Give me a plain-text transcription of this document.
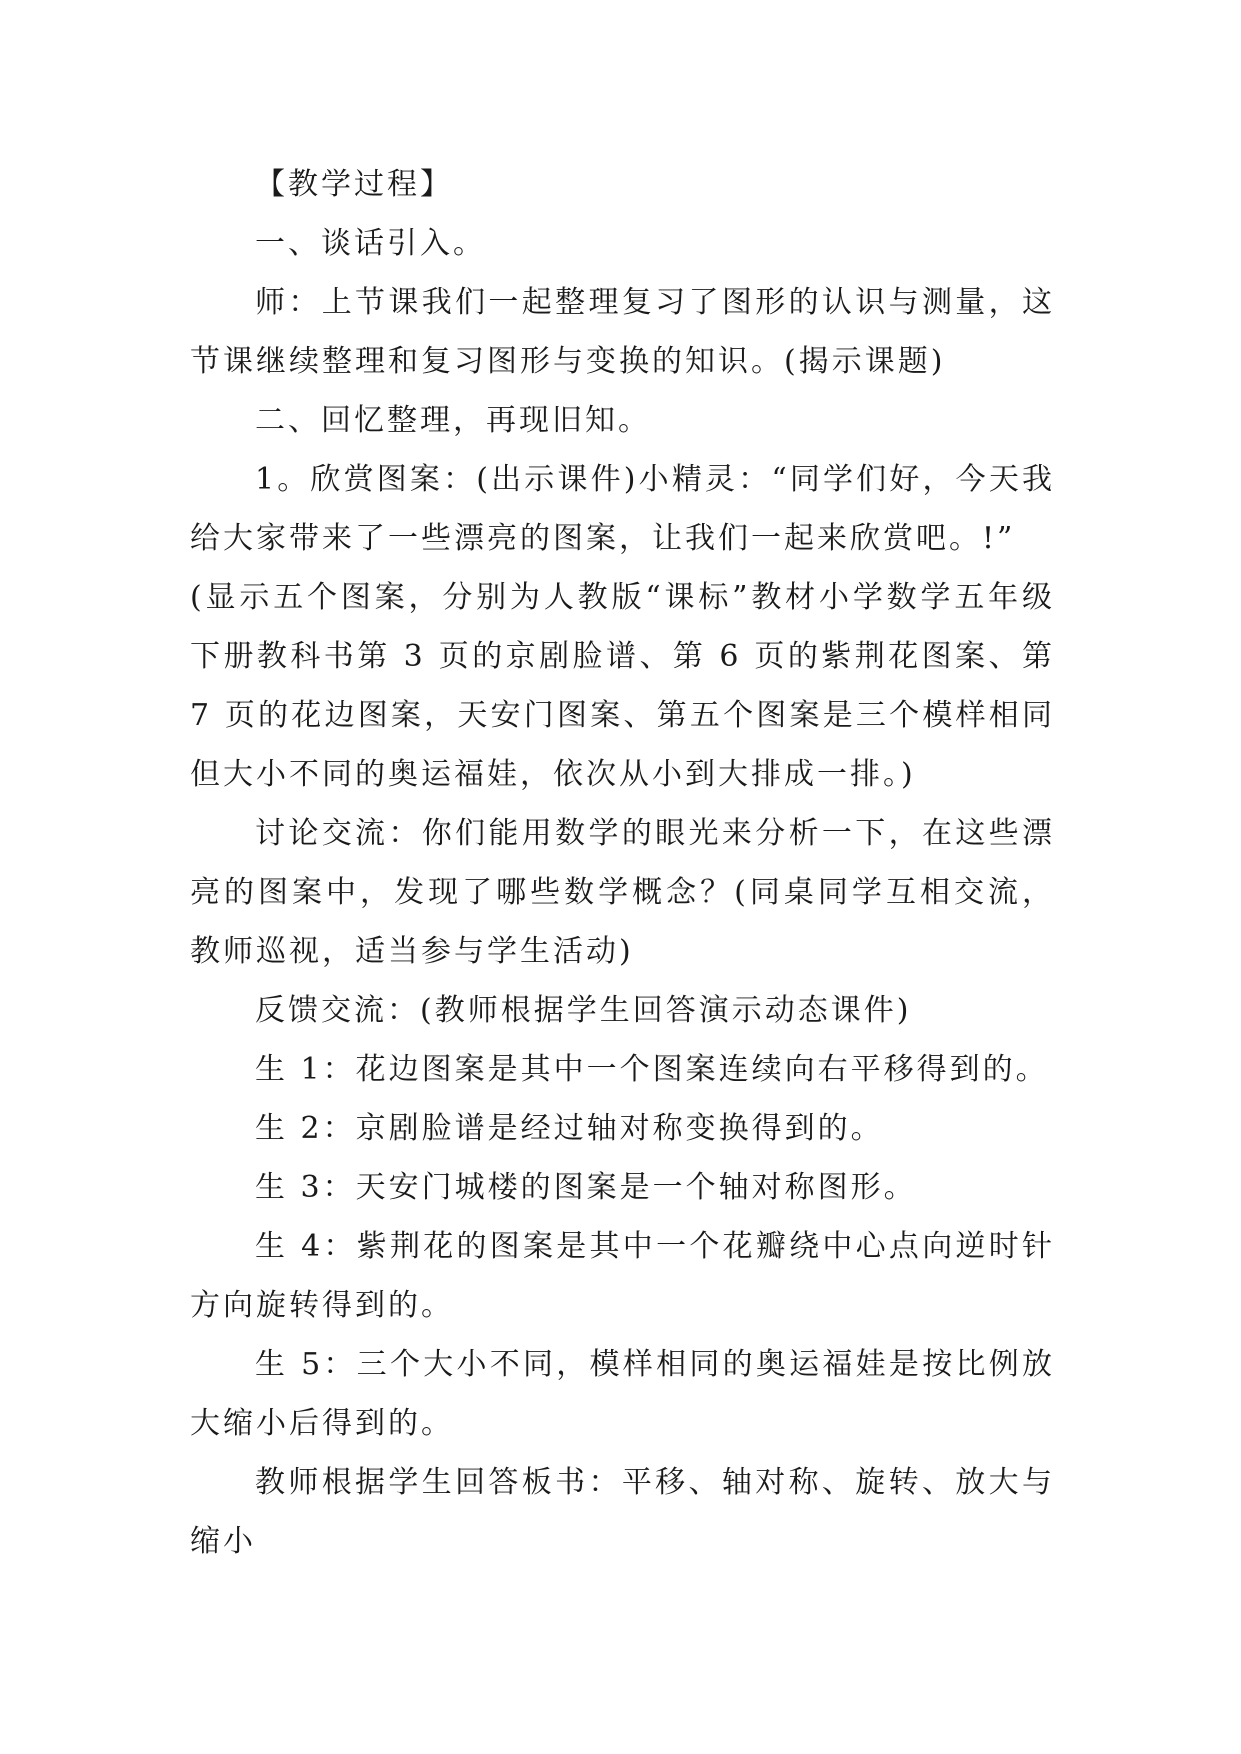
【教学过程】

一、谈话引入。

师：上节课我们一起整理复习了图形的认识与测量，这节课继续整理和复习图形与变换的知识。(揭示课题)

二、回忆整理，再现旧知。

1。欣赏图案：(出示课件)小精灵：“同学们好，今天我给大家带来了一些漂亮的图案，让我们一起来欣赏吧。!”

(显示五个图案，分别为人教版“课标”教材小学数学五年级下册教科书第 3 页的京剧脸谱、第 6 页的紫荆花图案、第 7 页的花边图案，天安门图案、第五个图案是三个模样相同但大小不同的奥运福娃，依次从小到大排成一排。)

讨论交流：你们能用数学的眼光来分析一下，在这些漂亮的图案中，发现了哪些数学概念？(同桌同学互相交流，教师巡视，适当参与学生活动)

反馈交流：(教师根据学生回答演示动态课件)

生 1：花边图案是其中一个图案连续向右平移得到的。

生 2：京剧脸谱是经过轴对称变换得到的。

生 3：天安门城楼的图案是一个轴对称图形。

生 4：紫荆花的图案是其中一个花瓣绕中心点向逆时针方向旋转得到的。

生 5：三个大小不同，模样相同的奥运福娃是按比例放大缩小后得到的。

教师根据学生回答板书：平移、轴对称、旋转、放大与缩小
